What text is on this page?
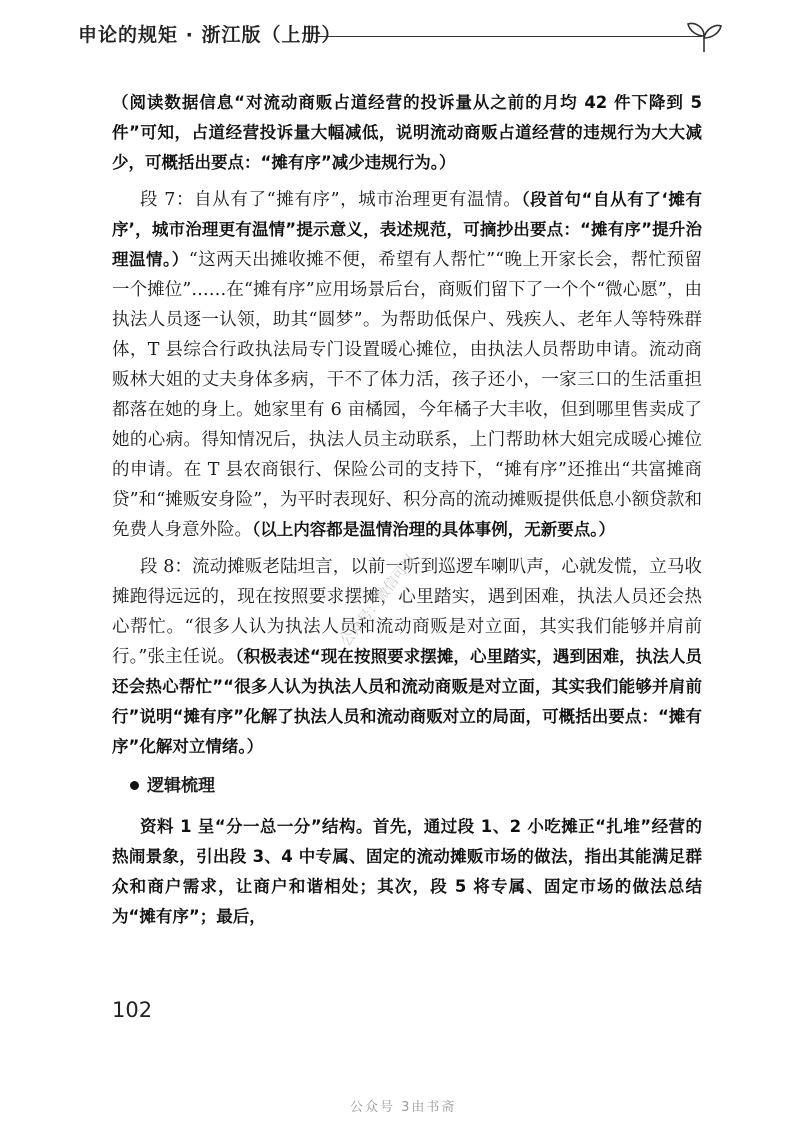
申论的规矩 · 浙江版（上册）

（阅读数据信息“对流动商贩占道经营的投诉量从之前的月均 42 件下降到 5 件”可知，占道经营投诉量大幅减低，说明流动商贩占道经营的违规行为大大减少，可概括出要点：“摊有序”减少违规行为。）

段 7：自从有了“摊有序”，城市治理更有温情。（段首句“自从有了‘摊有序’，城市治理更有温情”提示意义，表述规范，可摘抄出要点：“摊有序”提升治理温情。）“这两天出摊收摊不便，希望有人帮忙”“晚上开家长会，帮忙预留一个摊位”……在“摊有序”应用场景后台，商贩们留下了一个个“微心愿”，由执法人员逐一认领，助其“圆梦”。为帮助低保户、残疾人、老年人等特殊群体，T 县综合行政执法局专门设置暖心摊位，由执法人员帮助申请。流动商贩林大姐的丈夫身体多病，干不了体力活，孩子还小，一家三口的生活重担都落在她的身上。她家里有 6 亩橘园，今年橘子大丰收，但到哪里售卖成了她的心病。得知情况后，执法人员主动联系，上门帮助林大姐完成暖心摊位的申请。在 T 县农商银行、保险公司的支持下，“摊有序”还推出“共富摊商贷”和“摊贩安身险”，为平时表现好、积分高的流动摊贩提供低息小额贷款和免费人身意外险。（以上内容都是温情治理的具体事例，无新要点。）

段 8：流动摊贩老陆坦言，以前一听到巡逻车喇叭声，心就发慌，立马收摊跑得远远的，现在按照要求摆摊，心里踏实，遇到困难，执法人员还会热心帮忙。“很多人认为执法人员和流动商贩是对立面，其实我们能够并肩前行。”张主任说。（积极表述“现在按照要求摆摊，心里踏实，遇到困难，执法人员还会热心帮忙”“很多人认为执法人员和流动商贩是对立面，其实我们能够并肩前行”说明“摊有序”化解了执法人员和流动商贩对立的局面，可概括出要点：“摊有序”化解对立情绪。）

逻辑梳理

资料 1 呈“分一总一分”结构。首先，通过段 1、2 小吃摊正“扎堆”经营的热闹景象，引出段 3、4 中专属、固定的流动摊贩市场的做法，指出其能满足群众和商户需求，让商户和谐相处；其次，段 5 将专属、固定市场的做法总结为“摊有序”；最后，

公众号：微信可以
102
公众号 3由书斋
